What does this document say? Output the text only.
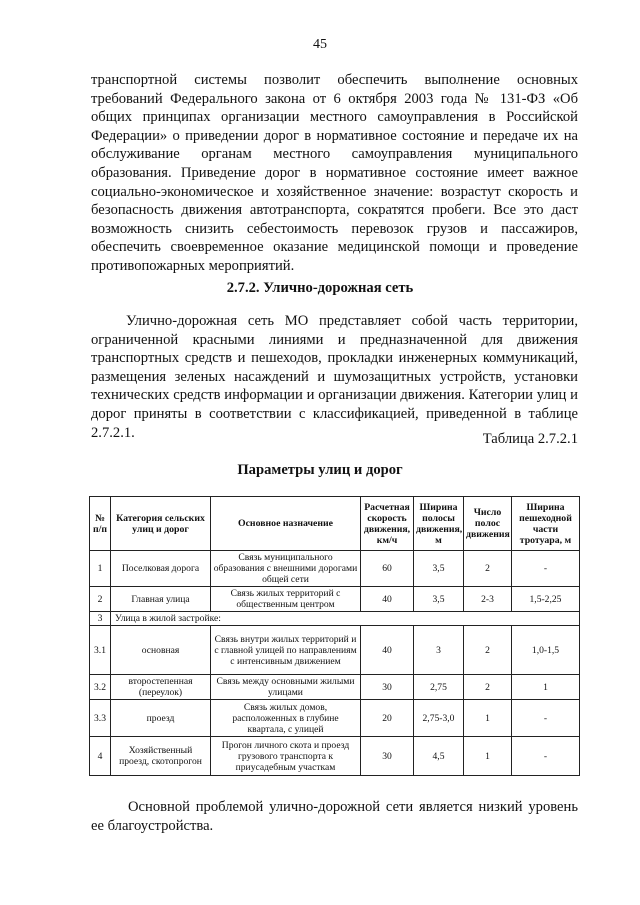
45

транспортной системы позволит обеспечить выполнение основных требований Федерального закона от 6 октября 2003 года № 131-ФЗ «Об общих принципах организации местного самоуправления в Российской Федерации» о приведении дорог в нормативное состояние и передаче их на обслуживание органам местного самоуправления муниципального образования. Приведение дорог в нормативное состояние имеет важное социально-экономическое и хозяйственное значение: возрастут скорость и безопасность движения автотранспорта, сократятся пробеги. Все это даст возможность снизить себестоимость перевозок грузов и пассажиров, обеспечить своевременное оказание медицинской помощи и проведение противопожарных мероприятий.

2.7.2. Улично-дорожная сеть
Улично-дорожная сеть МО представляет собой часть территории, ограниченной красными линиями и предназначенной для движения транспортных средств и пешеходов, прокладки инженерных коммуникаций, размещения зеленых насаждений и шумозащитных устройств, установки технических средств информации и организации движения. Категории улиц и дорог приняты в соответствии с классификацией, приведенной в таблице 2.7.2.1.	Таблица 2.7.2.1
Параметры улиц и дорог
№ п/п	Категория сельских улиц и дорог	Основное назначение	Расчетная скорость движения, км/ч	Ширина полосы движения, м	Число полос движения	Ширина пешеходной части тротуара, м
1	Поселковая дорога	Связь муниципального образования с внешними дорогами общей сети	60	3,5	2	-
2	Главная улица	Связь жилых территорий с общественным центром	40	3,5	2-3	1,5-2,25
3	Улица в жилой застройке:					
3.1	основная	Связь внутри жилых территорий и с главной улицей по направлениям с интенсивным движением	40	3	2	1,0-1,5
3.2	второстепенная (переулок)	Связь между основными жилыми улицами	30	2,75	2	1
3.3	проезд	Связь жилых домов, расположенных в глубине квартала, с улицей	20	2,75-3,0	1	-
4	Хозяйственный проезд, скотопрогон	Прогон личного скота и проезд грузового транспорта к приусадебным участкам	30	4,5	1	-

Основной проблемой улично-дорожной сети является низкий уровень ее благоустройства.
